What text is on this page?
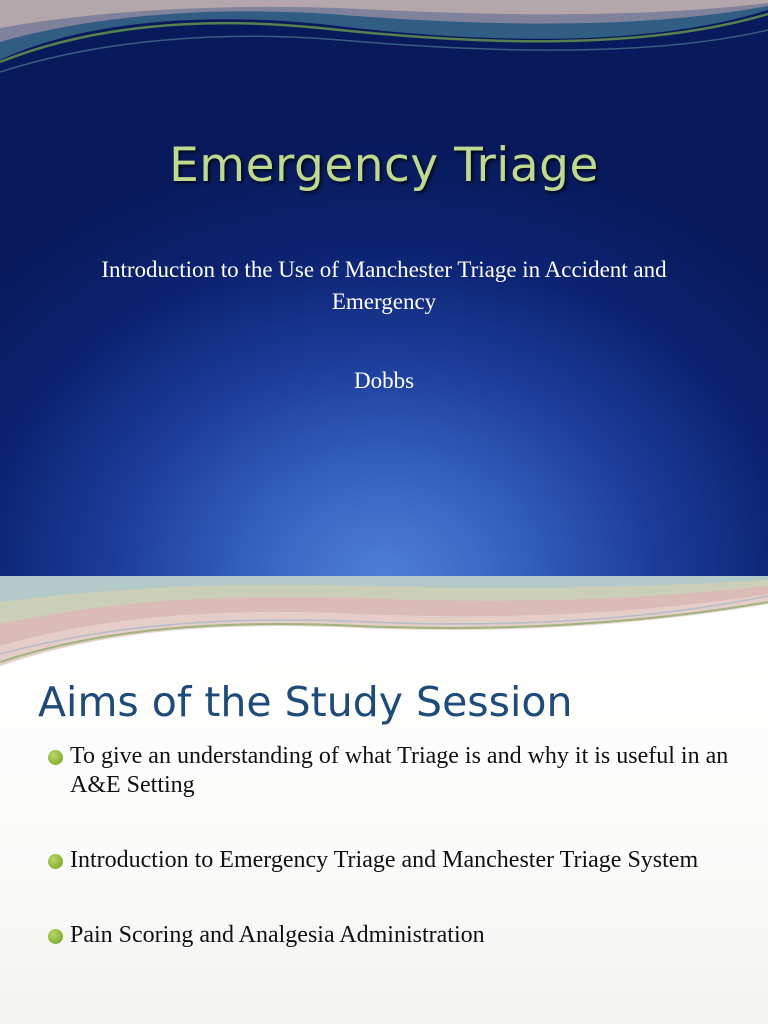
Emergency Triage
Introduction to the Use of Manchester Triage in Accident and Emergency
Dobbs
Aims of the Study Session
To give an understanding of what Triage is and why it is useful in an A&E Setting
Introduction to Emergency Triage and Manchester Triage System
Pain Scoring and Analgesia Administration
